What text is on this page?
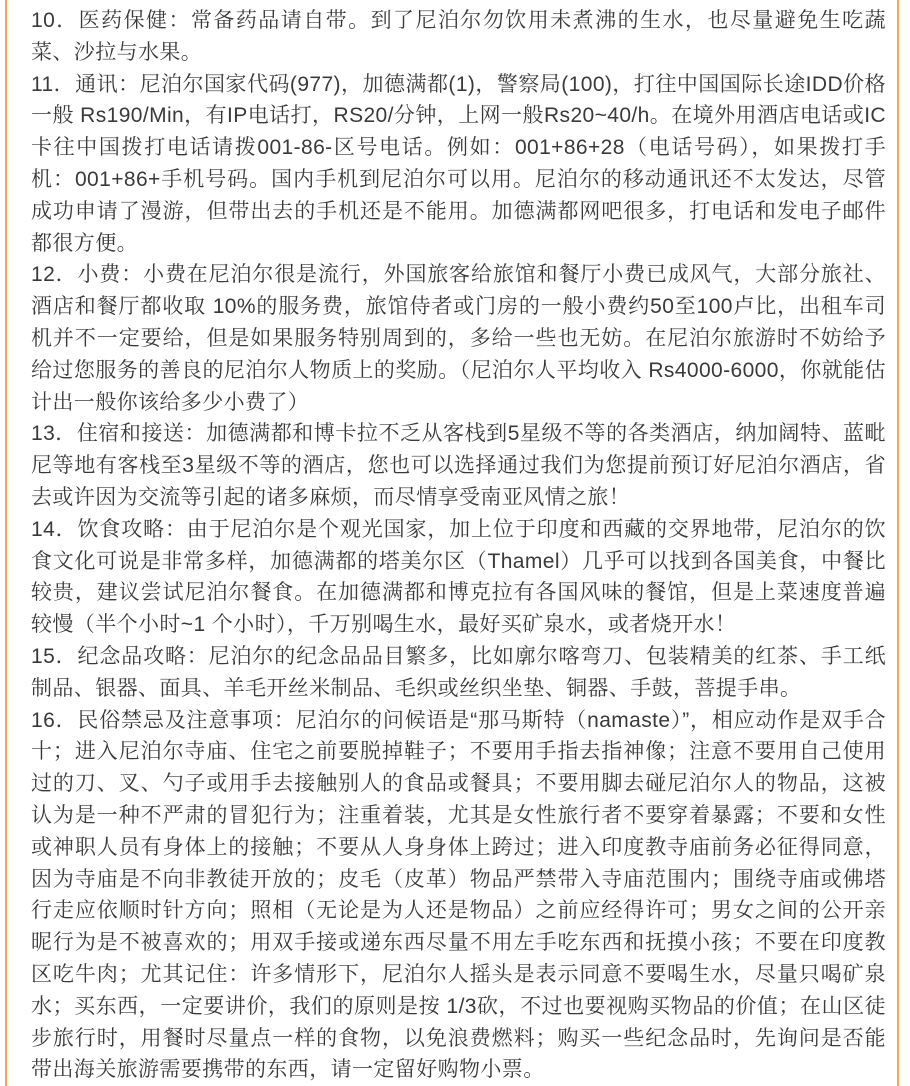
10．医药保健：常备药品请自带。到了尼泊尔勿饮用未煮沸的生水，也尽量避免生吃蔬菜、沙拉与水果。

11．通讯：尼泊尔国家代码(977)，加德满都(1)，警察局(100)，打往中国国际长途IDD价格一般 Rs190/Min，有IP电话打，RS20/分钟，上网一般Rs20~40/h。在境外用酒店电话或IC卡往中国拨打电话请拨001-86-区号电话。例如：001+86+28（电话号码），如果拨打手机：001+86+手机号码。国内手机到尼泊尔可以用。尼泊尔的移动通讯还不太发达，尽管成功申请了漫游，但带出去的手机还是不能用。加德满都网吧很多，打电话和发电子邮件都很方便。

12．小费：小费在尼泊尔很是流行，外国旅客给旅馆和餐厅小费已成风气，大部分旅社、酒店和餐厅都收取 10%的服务费，旅馆侍者或门房的一般小费约50至100卢比，出租车司机并不一定要给，但是如果服务特别周到的，多给一些也无妨。在尼泊尔旅游时不妨给予给过您服务的善良的尼泊尔人物质上的奖励。（尼泊尔人平均收入 Rs4000-6000，你就能估计出一般你该给多少小费了）

13．住宿和接送：加德满都和博卡拉不乏从客栈到5星级不等的各类酒店，纳加阔特、蓝毗尼等地有客栈至3星级不等的酒店，您也可以选择通过我们为您提前预订好尼泊尔酒店，省去或许因为交流等引起的诸多麻烦，而尽情享受南亚风情之旅！

14．饮食攻略：由于尼泊尔是个观光国家，加上位于印度和西藏的交界地带，尼泊尔的饮食文化可说是非常多样，加德满都的塔美尔区（Thamel）几乎可以找到各国美食，中餐比较贵，建议尝试尼泊尔餐食。在加德满都和博克拉有各国风味的餐馆，但是上菜速度普遍较慢（半个小时~1 个小时），千万别喝生水，最好买矿泉水，或者烧开水！

15．纪念品攻略：尼泊尔的纪念品品目繁多，比如廓尔喀弯刀、包装精美的红茶、手工纸制品、银器、面具、羊毛开丝米制品、毛织或丝织坐垫、铜器、手鼓，菩提手串。

16．民俗禁忌及注意事项：尼泊尔的问候语是“那马斯特（namaste）”，相应动作是双手合十；进入尼泊尔寺庙、住宅之前要脱掉鞋子；不要用手指去指神像；注意不要用自己使用过的刀、叉、勺子或用手去接触别人的食品或餐具；不要用脚去碰尼泊尔人的物品，这被认为是一种不严肃的冒犯行为；注重着装，尤其是女性旅行者不要穿着暴露；不要和女性或神职人员有身体上的接触；不要从人身身体上跨过；进入印度教寺庙前务必征得同意，因为寺庙是不向非教徒开放的；皮毛（皮革）物品严禁带入寺庙范围内；围绕寺庙或佛塔行走应依顺时针方向；照相（无论是为人还是物品）之前应经得许可；男女之间的公开亲昵行为是不被喜欢的；用双手接或递东西尽量不用左手吃东西和抚摸小孩；不要在印度教区吃牛肉；尤其记住：许多情形下，尼泊尔人摇头是表示同意不要喝生水，尽量只喝矿泉水；买东西，一定要讲价，我们的原则是按 1/3砍，不过也要视购买物品的价值；在山区徒步旅行时，用餐时尽量点一样的食物，以免浪费燃料；购买一些纪念品时，先询问是否能带出海关旅游需要携带的东西，请一定留好购物小票。
